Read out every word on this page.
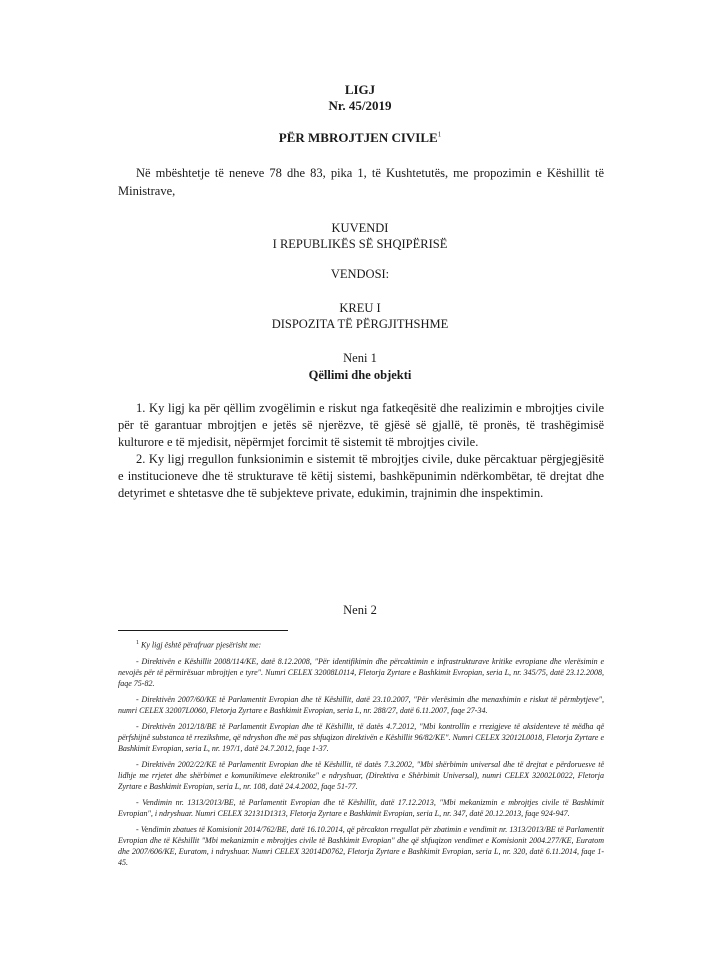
LIGJ
Nr. 45/2019
PËR MBROJTJEN CIVILE$^1$
Në mbështetje të neneve 78 dhe 83, pika 1, të Kushtetutës, me propozimin e Këshillit të Ministrave,
KUVENDI
I REPUBLIKËS SË SHQIPËRISË
VENDOSI:
KREU I
DISPOZITA TË PËRGJITHSHME
Neni 1
Qëllimi dhe objekti
1. Ky ligj ka për qëllim zvogëlimin e riskut nga fatkeqësitë dhe realizimin e mbrojtjes civile për të garantuar mbrojtjen e jetës së njerëzve, të gjësë së gjallë, të pronës, të trashëgimisë kulturore e të mjedisit, nëpërmjet forcimit të sistemit të mbrojtjes civile.
2. Ky ligj rregullon funksionimin e sistemit të mbrojtjes civile, duke përcaktuar përgjegjësitë e institucioneve dhe të strukturave të këtij sistemi, bashkëpunimin ndërkombëtar, të drejtat dhe detyrimet e shtetasve dhe të subjekteve private, edukimin, trajnimin dhe inspektimin.
Neni 2

$^1$ Ky ligj është përafruar pjesërisht me:

- Direktivën e Këshillit 2008/114/KE, datë 8.12.2008, "Për identifikimin dhe përcaktimin e infrastrukturave kritike evropiane dhe vlerësimin e nevojës për të përmirësuar mbrojtjen e tyre". Numri CELEX 32008L0114, Fletorja Zyrtare e Bashkimit Evropian, seria L, nr. 345/75, datë 23.12.2008, faqe 75-82.

- Direktivën 2007/60/KE të Parlamentit Evropian dhe të Këshillit, datë 23.10.2007, "Për vlerësimin dhe menaxhimin e riskut të përmbytjeve", numri CELEX 32007L0060, Fletorja Zyrtare e Bashkimit Evropian, seria L, nr. 288/27, datë 6.11.2007, faqe 27-34.

- Direktivën 2012/18/BE të Parlamentit Evropian dhe të Këshillit, të datës 4.7.2012, "Mbi kontrollin e rrezigjeve të aksidenteve të mëdha që përfshijnë substanca të rrezikshme, që ndryshon dhe më pas shfuqizon direktivën e Këshillit 96/82/KE". Numri CELEX 32012L0018, Fletorja Zyrtare e Bashkimit Evropian, seria L, nr. 197/1, datë 24.7.2012, faqe 1-37.

- Direktivën 2002/22/KE të Parlamentit Evropian dhe të Këshillit, të datës 7.3.2002, "Mbi shërbimin universal dhe të drejtat e përdoruesve të lidhje me rrjetet dhe shërbimet e komunikimeve elektronike" e ndryshuar, (Direktiva e Shërbimit Universal), numri CELEX 32002L0022, Fletorja Zyrtare e Bashkimit Evropian, seria L, nr. 108, datë 24.4.2002, faqe 51-77.

- Vendimin nr. 1313/2013/BE, të Parlamentit Evropian dhe të Këshillit, datë 17.12.2013, "Mbi mekanizmin e mbrojtjes civile të Bashkimit Evropian", i ndryshuar. Numri CELEX 32131D1313, Fletorja Zyrtare e Bashkimit Evropian, seria L, nr. 347, datë 20.12.2013, faqe 924-947.

- Vendimin zbatues të Komisionit 2014/762/BE, datë 16.10.2014, që përcakton rregullat për zbatimin e vendimit nr. 1313/2013/BE të Parlamentit Evropian dhe të Këshillit "Mbi mekanizmin e mbrojtjes civile të Bashkimit Evropian" dhe që shfuqizon vendimet e Komisionit 2004.277/KE, Euratom dhe 2007/606/KE, Euratom, i ndryshuar. Numri CELEX 32014D0762, Fletorja Zyrtare e Bashkimit Evropian, seria L, nr. 320, datë 6.11.2014, faqe 1-45.
